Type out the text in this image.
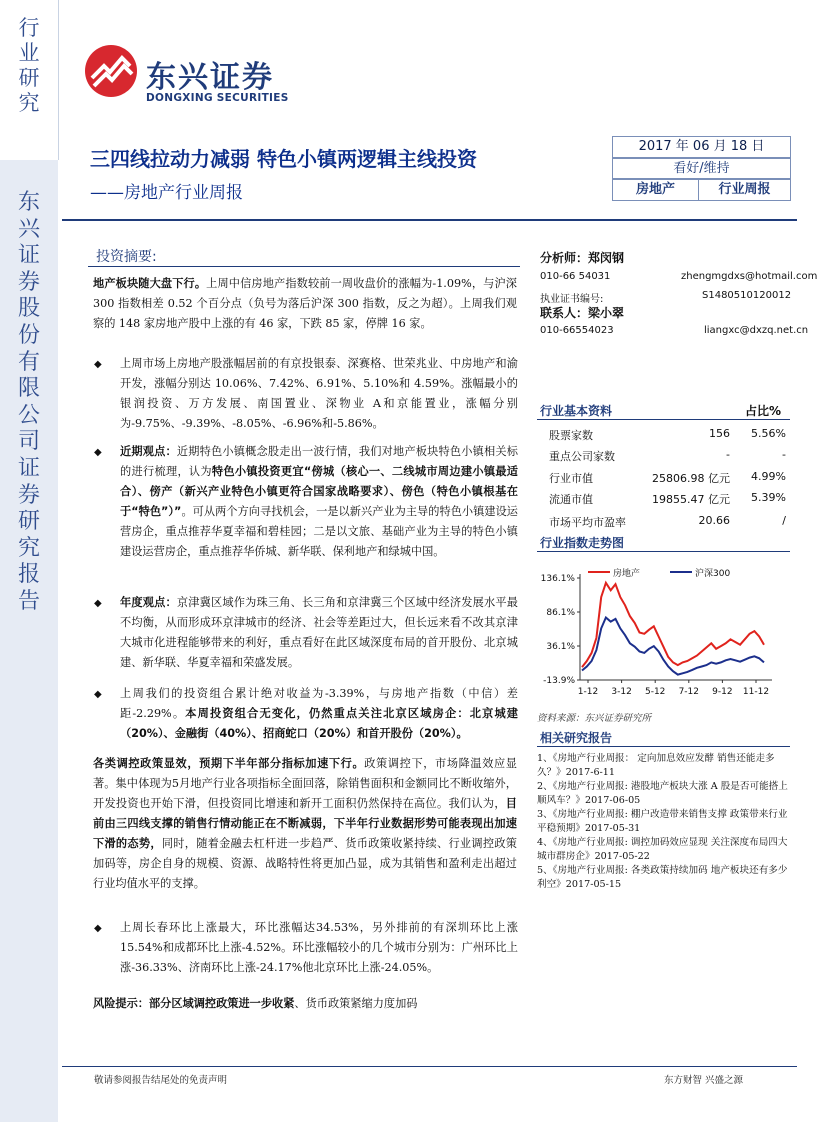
行
业
研
究
东
兴
证
券
股
份
有
限
公
司
证
券
研
究
报
告
东兴证券
DONGXING SECURITIES
三四线拉动力减弱 特色小镇两逻辑主线投资
——房地产行业周报
2017 年 06 月 18 日
看好/维持
房地产	行业周报
投资摘要:

地产板块随大盘下行。上周中信房地产指数较前一周收盘价的涨幅为-1.09%，与沪深 300 指数相差 0.52 个百分点（负号为落后沪深 300 指数，反之为超）。上周我们观察的 148 家房地产股中上涨的有 46 家，下跌 85 家，停牌 16 家。

◆ 上周市场上房地产股涨幅居前的有京投银泰、深赛格、世荣兆业、中房地产和渝开发，涨幅分别达 10.06%、7.42%、6.91%、5.10%和 4.59%。涨幅最小的银润投资、万方发展、南国置业、深物业 A和京能置业，涨幅分别为-9.75%、-9.39%、-8.05%、-6.96%和-5.86%。

◆ 近期观点：近期特色小镇概念股走出一波行情，我们对地产板块特色小镇相关标的进行梳理，认为特色小镇投资更宜“傍城（核心一、二线城市周边建小镇最适合）、傍产（新兴产业特色小镇更符合国家战略要求）、傍色（特色小镇根基在于“特色”）”。可从两个方向寻找机会，一是以新兴产业为主导的特色小镇建设运营房企，重点推荐华夏幸福和碧桂园；二是以文旅、基础产业为主导的特色小镇建设运营房企，重点推荐华侨城、新华联、保利地产和绿城中国。

◆ 年度观点：京津冀区域作为珠三角、长三角和京津冀三个区域中经济发展水平最不均衡，从而形成环京津城市的经济、社会等差距过大，但长远来看不改其京津大城市化进程能够带来的利好，重点看好在此区域深度布局的首开股份、北京城建、新华联、华夏幸福和荣盛发展。

◆ 上周我们的投资组合累计绝对收益为-3.39%，与房地产指数（中信）差距-2.29%。本周投资组合无变化，仍然重点关注北京区域房企：北京城建（20%）、金融街（40%）、招商蛇口（20%）和首开股份（20%）。

各类调控政策显效，预期下半年部分指标加速下行。政策调控下，市场降温效应显著。集中体现为5月地产行业各项指标全面回落，除销售面积和金额同比不断收缩外，开发投资也开始下滑，但投资同比增速和新开工面积仍然保持在高位。我们认为，目前由三四线支撑的销售行情动能正在不断减弱，下半年行业数据形势可能表现出加速下滑的态势，同时，随着金融去杠杆进一步趋严、货币政策收紧持续、行业调控政策加码等，房企自身的规模、资源、战略特性将更加凸显，成为其销售和盈利走出超过行业均值水平的支撑。

◆ 上周长春环比上涨最大，环比涨幅达34.53%，另外排前的有深圳环比上涨15.54%和成都环比上涨-4.52%。环比涨幅较小的几个城市分别为：广州环比上涨-36.33%、济南环比上涨-24.17%他北京环比上涨-24.05%。

风险提示：部分区域调控政策进一步收紧、货币政策紧缩力度加码

分析师：郑闵钢
010-66 54031	zhengmgdxs@hotmail.com
执业证书编号:	S1480510120012
联系人：梁小翠
010-66554023	liangxc@dxzq.net.cn
行业基本资料	占比%
股票家数	156	5.56%
重点公司家数	-	-
行业市值	25806.98 亿元	4.99%
流通市值	19855.47 亿元	5.39%
市场平均市盈率	20.66	/
行业指数走势图
136.1%
86.1%
36.1%
-13.9%
1-12 3-12 5-12 7-12 9-12 11-12
房地产	沪深300
资料来源：东兴证券研究所
相关研究报告

1、《房地产行业周报： 定向加息效应发酵 销售还能走多久？》2017-6-11

2、《房地产行业周报: 港股地产板块大涨 A 股是否可能搭上顺风车？》2017-06-05

3、《房地产行业周报: 棚户改造带来销售支撑 政策带来行业平稳预期》2017-05-31

4、《房地产行业周报: 调控加码效应显现 关注深度布局四大城市群房企》2017-05-22

5、《房地产行业周报: 各类政策持续加码 地产板块还有多少利空》2017-05-15

敬请参阅报告结尾处的免责声明	东方财智 兴盛之源
